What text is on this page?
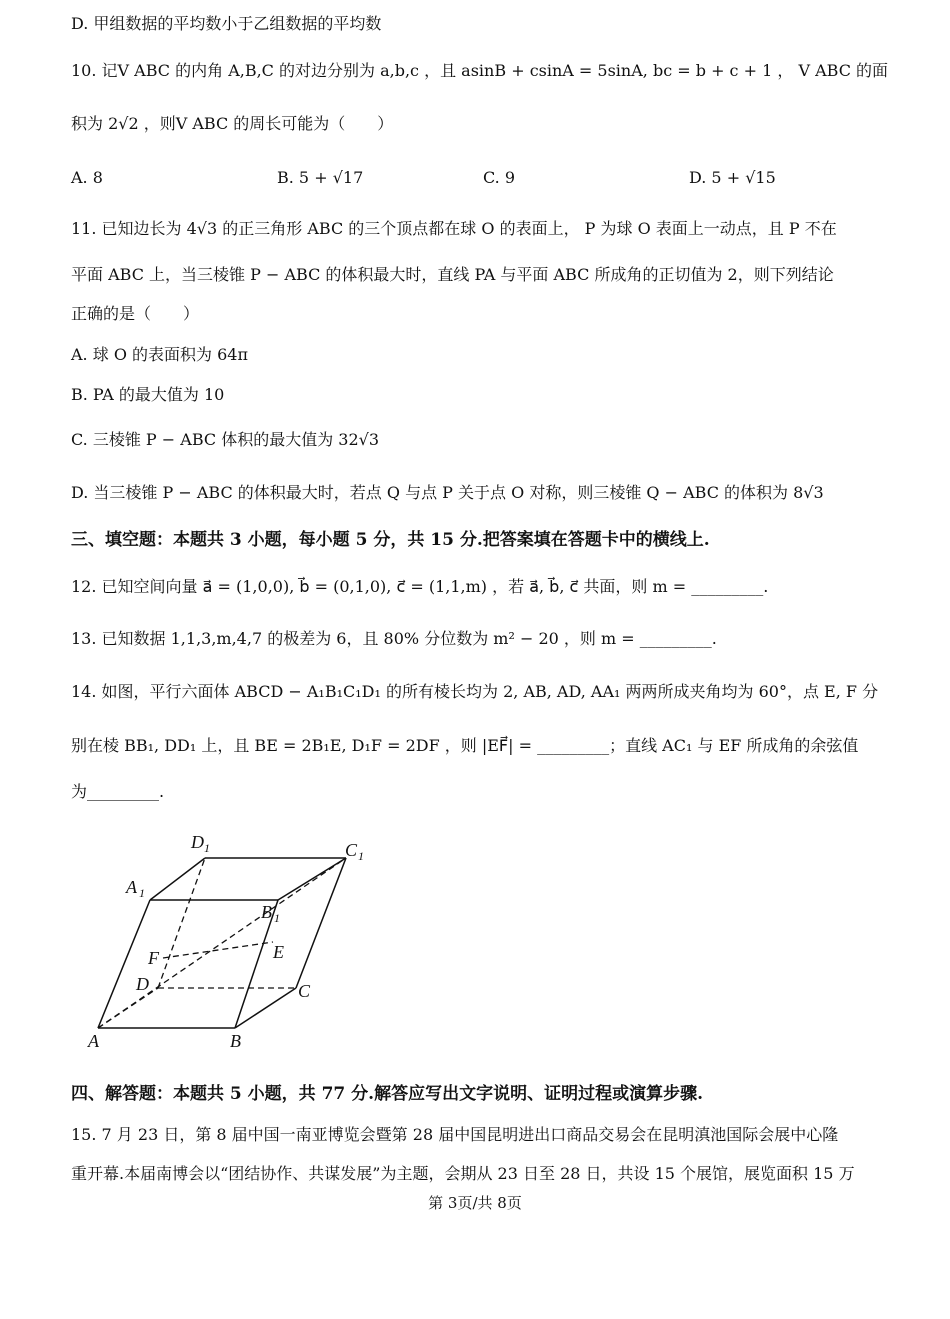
D. 甲组数据的平均数小于乙组数据的平均数
10. 记V ABC 的内角 A,B,C 的对边分别为 a,b,c ，且 asinB + csinA = 5sinA, bc = b + c + 1 ， V ABC 的面
积为 2√2 ，则V ABC 的周长可能为（　　）
A. 8	B. 5 + √17	C. 9	D. 5 + √15
11. 已知边长为 4√3 的正三角形 ABC 的三个顶点都在球 O 的表面上， P 为球 O 表面上一动点，且 P 不在
平面 ABC 上，当三棱锥 P − ABC 的体积最大时，直线 PA 与平面 ABC 所成角的正切值为 2，则下列结论
正确的是（　　）
A. 球 O 的表面积为 64π
B. PA 的最大值为 10
C. 三棱锥 P − ABC 体积的最大值为 32√3
D. 当三棱锥 P − ABC 的体积最大时，若点 Q 与点 P 关于点 O 对称，则三棱锥 Q − ABC 的体积为 8√3
三、填空题：本题共 3 小题，每小题 5 分，共 15 分.把答案填在答题卡中的横线上.
12. 已知空间向量 a⃗ = (1,0,0), b⃗ = (0,1,0), c⃗ = (1,1,m) ，若 a⃗, b⃗, c⃗ 共面，则 m = _________.
13. 已知数据 1,1,3,m,4,7 的极差为 6，且 80% 分位数为 m² − 20 ，则 m = _________.
14. 如图，平行六面体 ABCD − A₁B₁C₁D₁ 的所有棱长均为 2, AB, AD, AA₁ 两两所成夹角均为 60°，点 E, F 分
别在棱 BB₁, DD₁ 上，且 BE = 2B₁E, D₁F = 2DF ，则 |EF⃗| = _________；直线 AC₁ 与 EF 所成角的余弦值
为_________.
A	B
C
D
A 1
B 1
C 1
D 1
E
F
四、解答题：本题共 5 小题，共 77 分.解答应写出文字说明、证明过程或演算步骤.
15. 7 月 23 日，第 8 届中国一南亚博览会暨第 28 届中国昆明进出口商品交易会在昆明滇池国际会展中心隆
重开幕.本届南博会以“团结协作、共谋发展”为主题，会期从 23 日至 28 日，共设 15 个展馆，展览面积 15 万
第 3页/共 8页
